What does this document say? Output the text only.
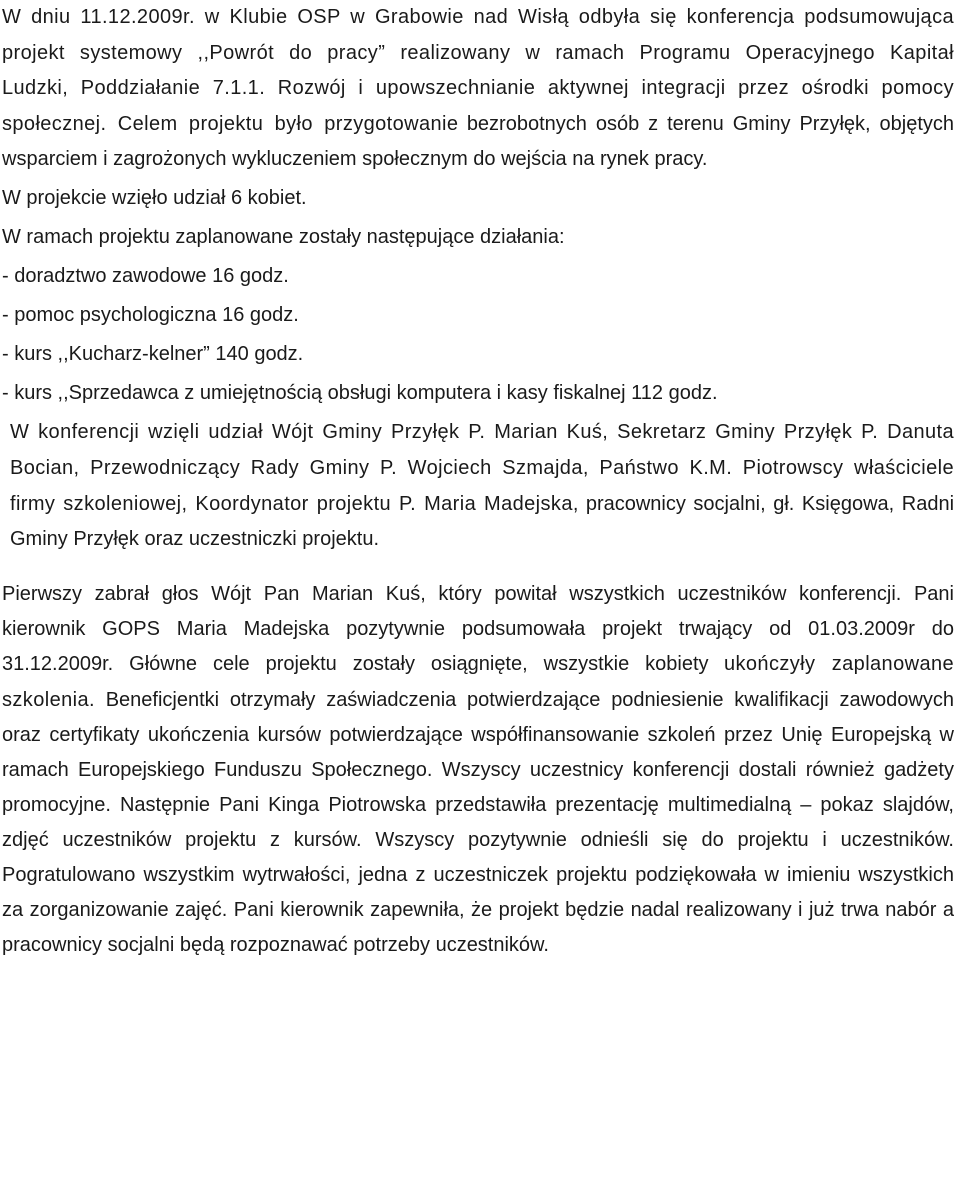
W dniu 11.12.2009r. w Klubie OSP w Grabowie nad Wisłą odbyła się konferencja podsumowująca projekt systemowy ,,Powrót do pracy” realizowany w ramach Programu Operacyjnego Kapitał Ludzki, Poddziałanie 7.1.1. Rozwój i upowszechnianie aktywnej integracji przez ośrodki pomocy społecznej. Celem projektu było przygotowanie bezrobotnych osób z terenu Gminy Przyłęk, objętych wsparciem i zagrożonych wykluczeniem społecznym do wejścia na rynek pracy.

W projekcie wzięło udział 6 kobiet.

W ramach projektu zaplanowane zostały następujące działania:

- doradztwo zawodowe 16 godz.

- pomoc psychologiczna 16 godz.

- kurs ,,Kucharz-kelner” 140 godz.

- kurs ,,Sprzedawca z umiejętnością obsługi komputera i kasy fiskalnej 112 godz.

W konferencji wzięli udział Wójt Gminy Przyłęk P. Marian Kuś, Sekretarz Gminy Przyłęk P. Danuta Bocian, Przewodniczący Rady Gminy P. Wojciech Szmajda, Państwo K.M. Piotrowscy właściciele firmy szkoleniowej, Koordynator projektu P. Maria Madejska, pracownicy socjalni, gł. Księgowa, Radni Gminy Przyłęk oraz uczestniczki projektu.

Pierwszy zabrał głos Wójt Pan Marian Kuś, który powitał wszystkich uczestników konferencji. Pani kierownik GOPS Maria Madejska pozytywnie podsumowała projekt trwający od 01.03.2009r do 31.12.2009r. Główne cele projektu zostały osiągnięte, wszystkie kobiety ukończyły zaplanowane szkolenia. Beneficjentki otrzymały zaświadczenia potwierdzające podniesienie kwalifikacji zawodowych oraz certyfikaty ukończenia kursów potwierdzające współfinansowanie szkoleń przez Unię Europejską w ramach Europejskiego Funduszu Społecznego. Wszyscy uczestnicy konferencji dostali również gadżety promocyjne. Następnie Pani Kinga Piotrowska przedstawiła prezentację multimedialną – pokaz slajdów, zdjęć uczestników projektu z kursów. Wszyscy pozytywnie odnieśli się do projektu i uczestników. Pogratulowano wszystkim wytrwałości, jedna z uczestniczek projektu podziękowała w imieniu wszystkich za zorganizowanie zajęć. Pani kierownik zapewniła, że projekt będzie nadal realizowany i już trwa nabór a pracownicy socjalni będą rozpoznawać potrzeby uczestników.
